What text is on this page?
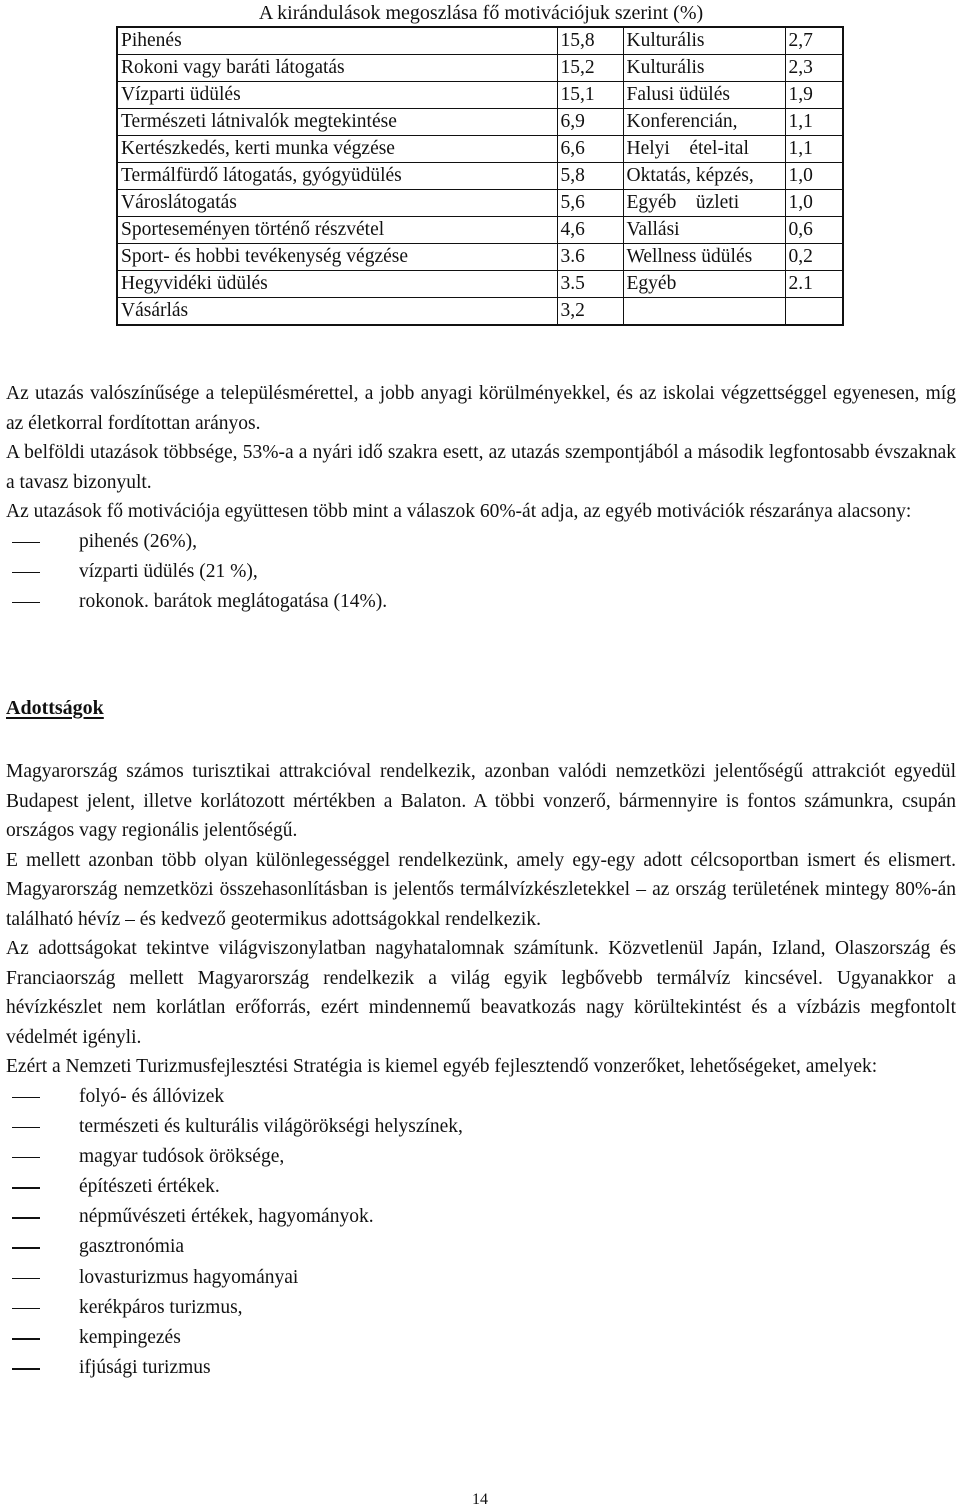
A kirándulások megoszlása fő motivációjuk szerint (%)
Pihenés	15,8	Kulturális	2,7
Rokoni vagy baráti látogatás	15,2	Kulturális	2,3
Vízparti üdülés	15,1	Falusi üdülés	1,9
Természeti látnivalók megtekintése	6,9	Konferencián,	1,1
Kertészkedés, kerti munka végzése	6,6	Helyi    étel-ital	1,1
Termálfürdő látogatás, gyógyüdülés	5,8	Oktatás, képzés,	1,0
Városlátogatás	5,6	Egyéb    üzleti	1,0
Sporteseményen történő részvétel	4,6	Vallási	0,6
Sport- és hobbi tevékenység végzése	3.6	Wellness üdülés	0,2
Hegyvidéki üdülés	3.5	Egyéb	2.1
Vásárlás	3,2		

Az utazás valószínűsége a településmérettel, a jobb anyagi körülményekkel, és az iskolai végzettséggel egyenesen, míg az életkorral fordítottan arányos.

A belföldi utazások többsége, 53%-a a nyári idő szakra esett, az utazás szempontjából a második legfontosabb évszaknak a tavasz bizonyult.

Az utazások fő motivációja együttesen több mint a válaszok 60%-át adja, az egyéb motivációk részaránya alacsony:

pihenés (26%),
vízparti üdülés (21 %),
rokonok. barátok meglátogatása (14%).
Adottságok

Magyarország számos turisztikai attrakcióval rendelkezik, azonban valódi nemzetközi jelentőségű attrakciót egyedül Budapest jelent, illetve korlátozott mértékben a Balaton. A többi vonzerő, bármennyire is fontos számunkra, csupán országos vagy regionális jelentőségű.

E mellett azonban több olyan különlegességgel rendelkezünk, amely egy-egy adott célcsoportban ismert és elismert. Magyarország nemzetközi összehasonlításban is jelentős termálvízkészletekkel – az ország területének mintegy 80%-án található hévíz – és kedvező geotermikus adottságokkal rendelkezik.

Az adottságokat tekintve világviszonylatban nagyhatalomnak számítunk. Közvetlenül Japán, Izland, Olaszország és Franciaország mellett Magyarország rendelkezik a világ egyik legbővebb termálvíz kincsével. Ugyanakkor a hévízkészlet nem korlátlan erőforrás, ezért mindennemű beavatkozás nagy körültekintést és a vízbázis megfontolt védelmét igényli.

Ezért a Nemzeti Turizmusfejlesztési Stratégia is kiemel egyéb fejlesztendő vonzerőket, lehetőségeket, amelyek:

folyó- és állóvizek
természeti és kulturális világörökségi helyszínek,
magyar tudósok öröksége,
építészeti értékek.
népművészeti értékek, hagyományok.
gasztronómia
lovasturizmus hagyományai
kerékpáros turizmus,
kempingezés
ifjúsági turizmus
14
